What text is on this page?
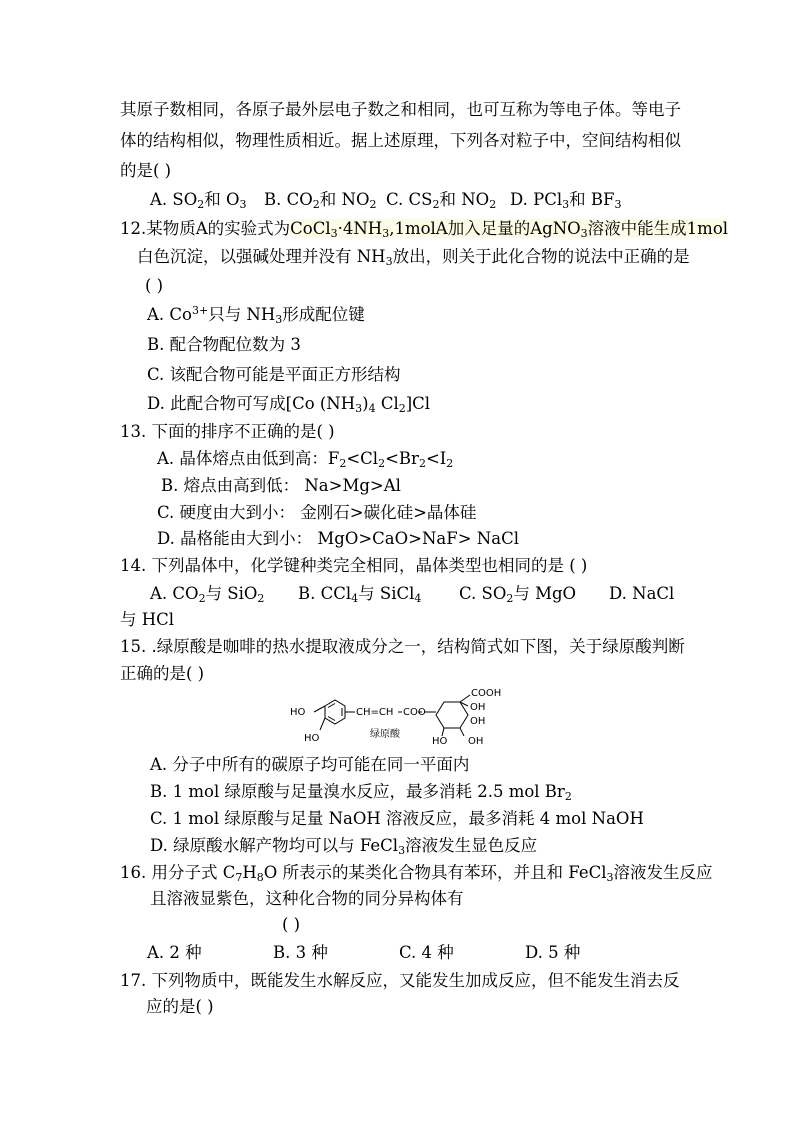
其原子数相同，各原子最外层电子数之和相同，也可互称为等电子体。等电子
体的结构相似，物理性质相近。据上述原理，下列各对粒子中，空间结构相似
的是( )
A. $SO_2$和 $O_3$ B. $CO_2$和 $NO_2$ C. $CS_2$和 $NO_2$ D. PCl$_3$和 $BF_3$
12.某物质A的实验式为$CoCl_3\cdot 4NH_3,1molA$加入足量的AgNO$_3$溶液中能生成1mol
白色沉淀，以强碱处理并没有 $NH_3$放出，则关于此化合物的说法中正确的是
( )
A. $Co^{3+}$只与 $NH_3$形成配位键
B. 配合物配位数为 3
C. 该配合物可能是平面正方形结构
D. 此配合物可写成[Co $(NH_3)_4$ $Cl_2]Cl$
13. 下面的排序不正确的是( )
A. 晶体熔点由低到高：$F_2<Cl_2<Br_2<I_2$
B. 熔点由高到低： Na>Mg>Al
C. 硬度由大到小： 金刚石>碳化硅>晶体硅
D. 晶格能由大到小： MgO>CaO>NaF> NaCl
14. 下列晶体中，化学键种类完全相同，晶体类型也相同的是 ( )
A. $CO_2$与 SiO$_2$ B. CCl$_4$与 SiCl$_4$ C. $SO_2$与 MgO D. NaCl
与 HCl
15. .绿原酸是咖啡的热水提取液成分之一，结构简式如下图，关于绿原酸判断
正确的是( )
COOH
HO
HO
CH=CH COO	OH
OH
HO OH
绿原酸
A. 分子中所有的碳原子均可能在同一平面内
B. 1 mol 绿原酸与足量溴水反应，最多消耗 2.5 mol $Br_2$
C. 1 mol 绿原酸与足量 NaOH 溶液反应，最多消耗 4 mol NaOH
D. 绿原酸水解产物均可以与 FeCl$_3$溶液发生显色反应
16. 用分子式 $C_7H_8O$ 所表示的某类化合物具有苯环，并且和 FeCl$_3$溶液发生反应
且溶液显紫色，这种化合物的同分异构体有
( )
A. 2 种	B. 3 种	C. 4 种	D. 5 种
17. 下列物质中，既能发生水解反应，又能发生加成反应，但不能发生消去反
应的是( )
